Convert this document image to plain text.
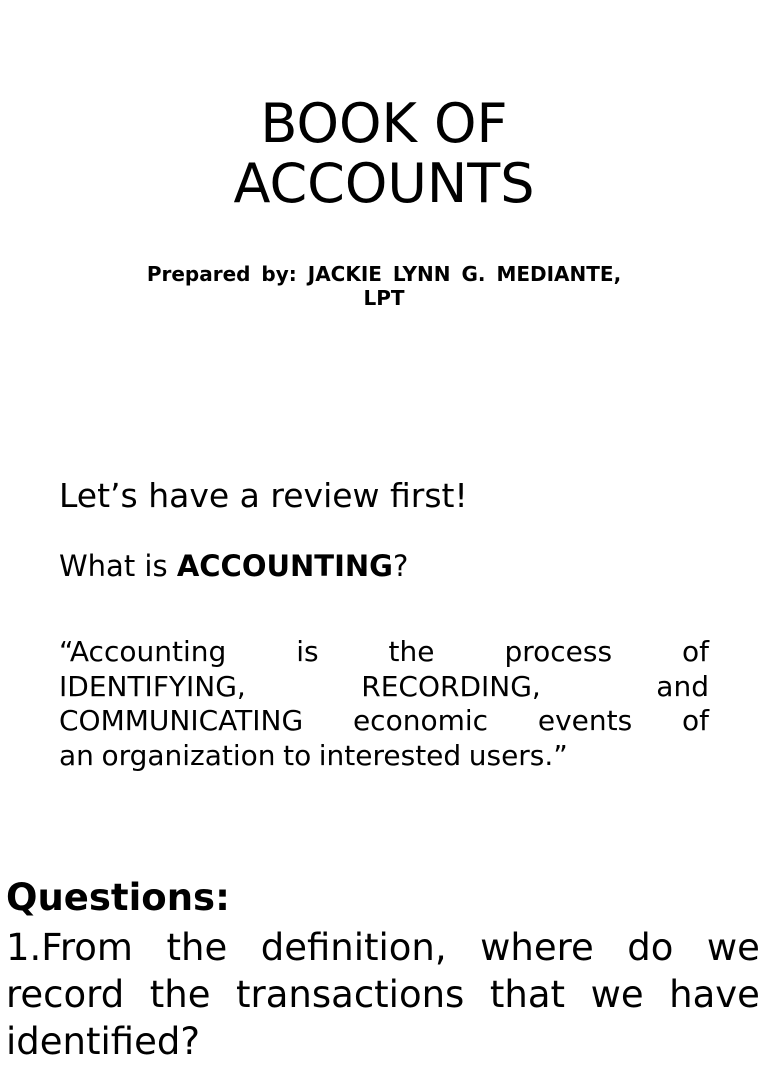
BOOK OF
ACCOUNTS

Prepared by: JACKIE LYNN G. MEDIANTE,
LPT

Let’s have a review first!

What is ACCOUNTING?

“Accounting is the process of
IDENTIFYING,	RECORDING,	and
COMMUNICATING economic events of
an organization to interested users.”
Questions:
1.From the definition, where do we
record the transactions that we have
identified?
